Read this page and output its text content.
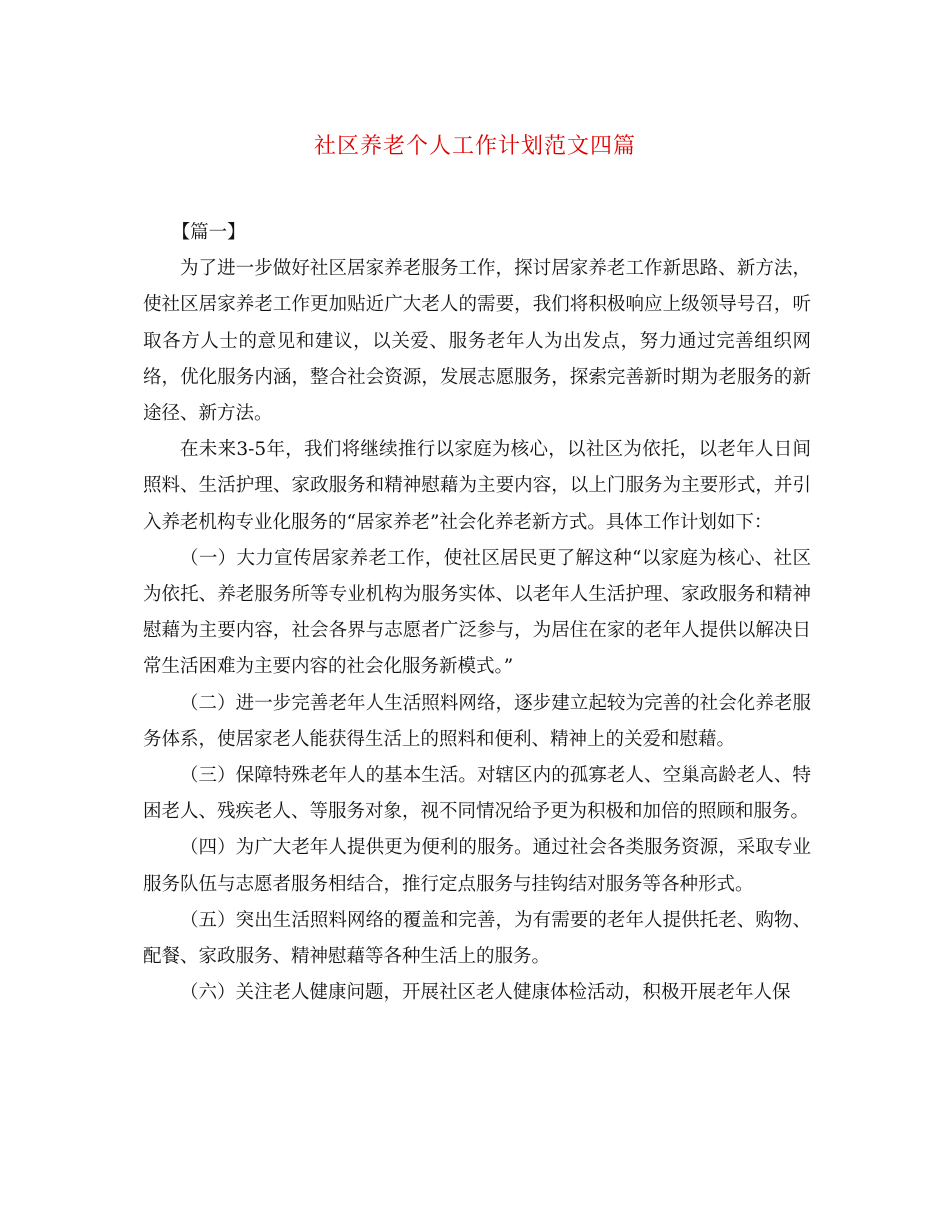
社区养老个人工作计划范文四篇

【篇一】

为了进一步做好社区居家养老服务工作，探讨居家养老工作新思路、新方法，使社区居家养老工作更加贴近广大老人的需要，我们将积极响应上级领导号召，听取各方人士的意见和建议，以关爱、服务老年人为出发点，努力通过完善组织网络，优化服务内涵，整合社会资源，发展志愿服务，探索完善新时期为老服务的新途径、新方法。

在未来3-5年，我们将继续推行以家庭为核心，以社区为依托，以老年人日间照料、生活护理、家政服务和精神慰藉为主要内容，以上门服务为主要形式，并引入养老机构专业化服务的“居家养老”社会化养老新方式。具体工作计划如下：

（一）大力宣传居家养老工作，使社区居民更了解这种“以家庭为核心、社区为依托、养老服务所等专业机构为服务实体、以老年人生活护理、家政服务和精神慰藉为主要内容，社会各界与志愿者广泛参与，为居住在家的老年人提供以解决日常生活困难为主要内容的社会化服务新模式。”

（二）进一步完善老年人生活照料网络，逐步建立起较为完善的社会化养老服务体系，使居家老人能获得生活上的照料和便利、精神上的关爱和慰藉。

（三）保障特殊老年人的基本生活。对辖区内的孤寡老人、空巢高龄老人、特困老人、残疾老人、等服务对象，视不同情况给予更为积极和加倍的照顾和服务。

（四）为广大老年人提供更为便利的服务。通过社会各类服务资源，采取专业服务队伍与志愿者服务相结合，推行定点服务与挂钩结对服务等各种形式。

（五）突出生活照料网络的覆盖和完善，为有需要的老年人提供托老、购物、配餐、家政服务、精神慰藉等各种生活上的服务。

（六）关注老人健康问题，开展社区老人健康体检活动，积极开展老年人保
